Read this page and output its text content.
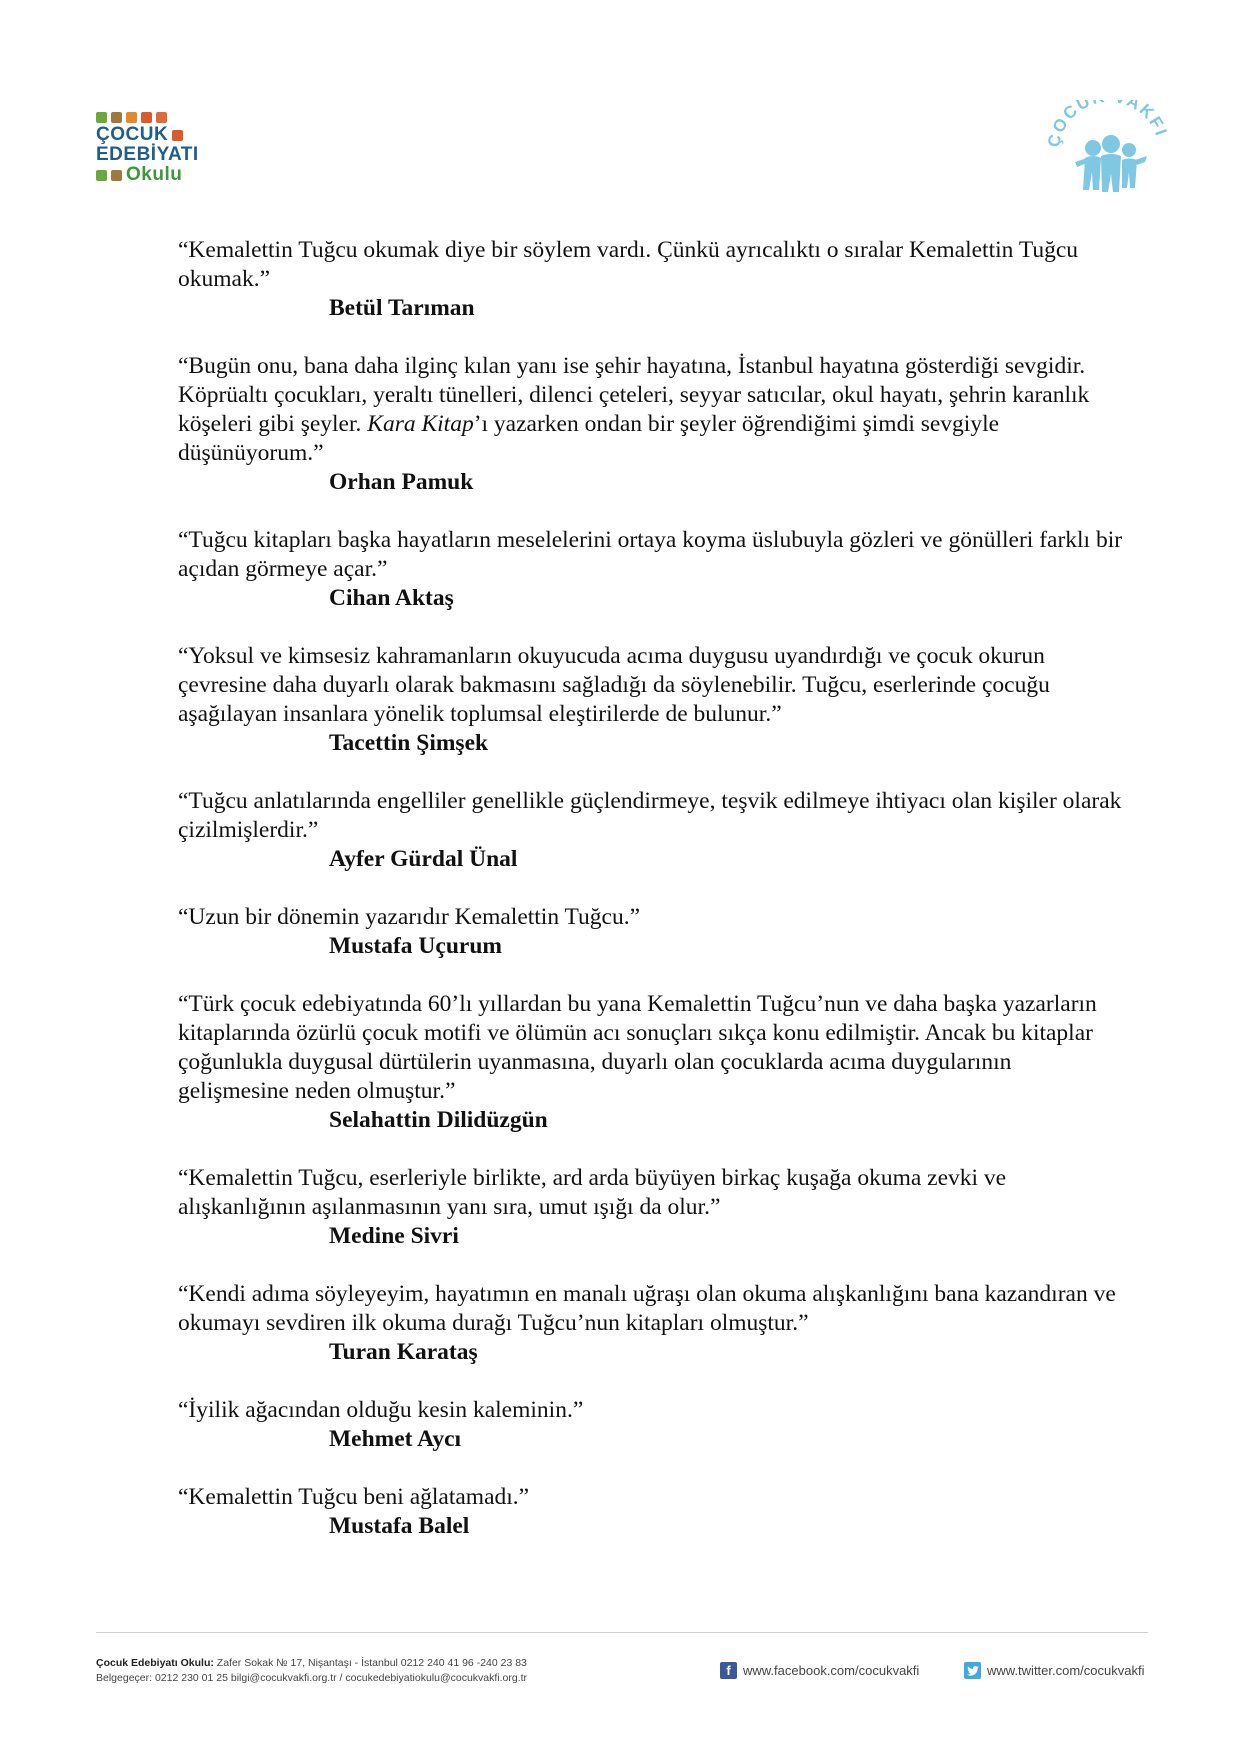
ÇOCUK
EDEBİYATI
Okulu
ÇOCU AKFI

“Kemalettin Tuğcu okumak diye bir söylem vardı. Çünkü ayrıcalıktı o sıralar Kemalettin Tuğcu okumak.”

Betül Tarıman

“Bugün onu, bana daha ilginç kılan yanı ise şehir hayatına, İstanbul hayatına gösterdiği sevgidir. Köprüaltı çocukları, yeraltı tünelleri, dilenci çeteleri, seyyar satıcılar, okul hayatı, şehrin karanlık köşeleri gibi şeyler. Kara Kitap’ı yazarken ondan bir şeyler öğrendiğimi şimdi sevgiyle düşünüyorum.”

Orhan Pamuk

“Tuğcu kitapları başka hayatların meselelerini ortaya koyma üslubuyla gözleri ve gönülleri farklı bir açıdan görmeye açar.”

Cihan Aktaş

“Yoksul ve kimsesiz kahramanların okuyucuda acıma duygusu uyandırdığı ve çocuk okurun çevresine daha duyarlı olarak bakmasını sağladığı da söylenebilir. Tuğcu, eserlerinde çocuğu aşağılayan insanlara yönelik toplumsal eleştirilerde de bulunur.”

Tacettin Şimşek

“Tuğcu anlatılarında engelliler genellikle güçlendirmeye, teşvik edilmeye ihtiyacı olan kişiler olarak çizilmişlerdir.”

Ayfer Gürdal Ünal

“Uzun bir dönemin yazarıdır Kemalettin Tuğcu.”

Mustafa Uçurum

“Türk çocuk edebiyatında 60’lı yıllardan bu yana Kemalettin Tuğcu’nun ve daha başka yazarların kitaplarında özürlü çocuk motifi ve ölümün acı sonuçları sıkça konu edilmiştir. Ancak bu kitaplar çoğunlukla duygusal dürtülerin uyanmasına, duyarlı olan çocuklarda acıma duygularının gelişmesine neden olmuştur.”

Selahattin Dilidüzgün

“Kemalettin Tuğcu, eserleriyle birlikte, ard arda büyüyen birkaç kuşağa okuma zevki ve alışkanlığının aşılanmasının yanı sıra, umut ışığı da olur.”

Medine Sivri

“Kendi adıma söyleyeyim, hayatımın en manalı uğraşı olan okuma alışkanlığını bana kazandıran ve okumayı sevdiren ilk okuma durağı Tuğcu’nun kitapları olmuştur.”

Turan Karataş

“İyilik ağacından olduğu kesin kaleminin.”

Mehmet Aycı

“Kemalettin Tuğcu beni ağlatamadı.”

Mustafa Balel

Çocuk Edebiyatı Okulu: Zafer Sokak № 17, Nişantaşı - İstanbul 0212 240 41 96 -240 23 83
Belgegeçer: 0212 230 01 25 bilgi@cocukvakfi.org.tr / cocukedebiyatiokulu@cocukvakfi.org.tr	f www.facebook.com/cocukvakfi	www.twitter.com/cocukvakfi
